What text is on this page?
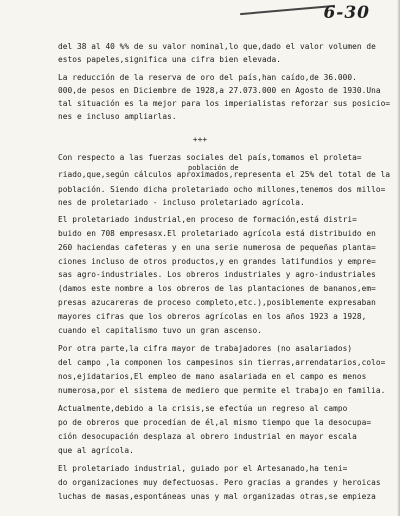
6-30
del 38 al 40 %% de su valor nominal,lo que,dado el valor volumen de
estos papeles,significa una cifra bien elevada.
La reducción de la reserva de oro del país,han caído,de 36.000.
000,de pesos en Diciembre de 1928,a 27.073.000 en Agosto de 1930.Una
tal situación es la mejor para los imperialistas reforzar sus posicio=
nes e incluso ampliarlas.
+++
Con respecto a las fuerzas sociales del país,tomamos el proleta=
población de
riado,que,según cálculos aproximados,representa el 25% del total de la
población. Siendo dicha proletariado ocho millones,tenemos dos millo=
nes de proletariado - incluso proletariado agrícola.
El proletariado industrial,en proceso de formación,está distri=
buido en 708 empresasx.El proletariado agrícola está distribuido en
260 haciendas cafeteras y en una serie numerosa de pequeñas planta=
ciones incluso de otros productos,y en grandes latifundios y empre=
sas agro-industriales. Los obreros industriales y agro-industriales
(damos este nombre a los obreros de las plantaciones de bananos,em=
presas azucareras de proceso completo,etc.),posiblemente expresaban
mayores cifras que los obreros agrícolas en los años 1923 a 1928,
cuando el capitalismo tuvo un gran ascenso.
Por otra parte,la cifra mayor de trabajadores (no asalariados)
del campo ,la componen los campesinos sin tierras,arrendatarios,colo=
nos,ejidatarios,El empleo de mano asalariada en el campo es menos
numerosa,por el sistema de mediero que permite el trabajo en familia.
Actualmente,debido a la crisis,se efectúa un regreso al campo
po de obreros que procedían de él,al mismo tiempo que la desocupa=
ción desocupación desplaza al obrero industrial en mayor escala
que al agrícola.
El proletariado industrial, guiado por el Artesanado,ha teni=
do organizaciones muy defectuosas. Pero gracias a grandes y heroicas
luchas de masas,espontáneas unas y mal organizadas otras,se empieza
